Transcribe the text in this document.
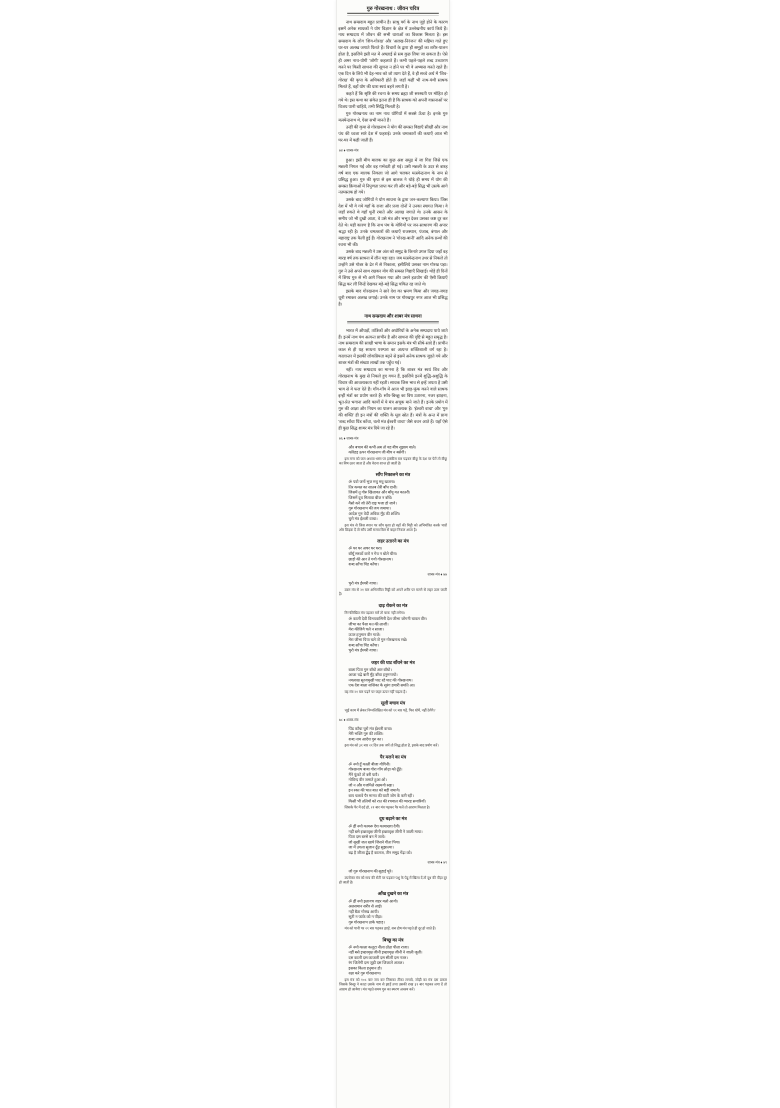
गुरु गोरखनाथ : जीवन चरित्र
नाथ सम्प्रदाय बहुत प्राचीन है। साधु वर्ग के नाथ जुड़े होने के कारण इसमें अनेक साधकों ने योग विज्ञान के क्षेत्र में उल्लेखनीय कार्य किये हैं। नाथ सम्प्रदाय में जीवन की सभी धाराओं का विकास मिलता है। इस सम्प्रदाय के लोग 'शिव-गोरख' और 'अलख-निरंजन' की महिमा गाते हुए घर-घर अलख जगाते फिरते हैं। विचारों के द्वारा ही समूहों का शरीर-पालन होता है, इसलिये इसी मत में अच्छाई से सब कुछ लिया जा सकता है। ऐसे ही अमर नाथ-योगी 'जोगी' कहलाते हैं। कभी पहले-पहले शब्द उच्चारण करने पर किसी साधना की सूचना न होने पर भी वे अभ्यास करते रहते हैं। एक दिन के लिये भी देह-भाव को जो त्याग देते हैं, वे ही सच्चे अर्थ में 'शिव-गोरख' की कृपा के अधिकारी होते हैं। जहाँ कहीं भी नाथ-पंथी साधक मिलते हैं, वहाँ योग की धारा स्वयं बहने लगती है।
कहते हैं कि सृष्टि की रचना के समय ब्रह्मा जी सरस्वती पर मोहित हो गये थे। इस कथा का संकेत इतना ही है कि साधक को अपनी वासनाओं पर विजय पानी चाहिये, तभी सिद्धि मिलती है।
गुरु गोरखनाथ का नाम नाथ योगियों में सबसे ऊँचा है। इनके गुरु मत्स्येन्द्रनाथ थे, ऐसा सभी मानते हैं।
उन्हीं की कृपा से गोरखनाथ ने योग की समस्त विद्याएँ सीखीं और नाथ पंथ की ध्वजा सारे देश में फहराई। उनके चमत्कारों की कथाएँ आज भी घर-घर में कही जाती हैं।
७४ ♦ शाबर-मंत्र
हुआ। इसी बीच बालक का कुछ अंश समुद्र में जा गिरा जिसे एक मछली निगल गई और वह गर्भवती हो गई। उसी मछली के उदर से बारह वर्ष बाद एक बालक निकला जो आगे चलकर मत्स्येन्द्रनाथ के नाम से प्रसिद्ध हुआ। गुरु की कृपा से इस बालक ने थोड़े ही समय में योग की समस्त क्रियाओं में निपुणता प्राप्त कर ली और बड़े-बड़े सिद्ध भी उसके आगे नतमस्तक हो गये।
उसके बाद जोगियों ने योग साधना के द्वारा जन-कल्याण किया। जिस देश में भी वे गये वहाँ के राजा और प्रजा दोनों ने उनका स्वागत किया। वे जहाँ रुकते थे वहाँ धूनी रमाते और अलख जगाते थे। उनके आसन के समीप जो भी दुखी आता, वे उसे मंत्र और भभूत देकर उसका कष्ट दूर कर देते थे। यही कारण है कि नाथ पंथ के योगियों पर जन-साधारण की अपार श्रद्धा रही है। उनके चमत्कारों की कथाएँ राजस्थान, पंजाब, बंगाल और महाराष्ट्र तक फैली हुई हैं। गोरखनाथ ने 'गोरख-बानी' आदि अनेक ग्रन्थों की रचना भी की।
उसके बाद मछली ने उस अंश को समुद्र के किनारे उगल दिया जहाँ वह बारह वर्ष तक साधना में लीन पड़ा रहा। जब मत्स्येन्द्रनाथ उधर से निकले तो उन्होंने उसे गोबर के ढेर में से निकाला, इसीलिये उसका नाम गोरख पड़ा। गुरु ने उसे अपने साथ रखकर योग की समस्त विद्याएँ सिखाईं। थोड़े ही दिनों में शिष्य गुरु से भी आगे निकल गया और उसने हठयोग की ऐसी क्रियाएँ सिद्ध कर लीं जिन्हें देखकर बड़े-बड़े सिद्ध चकित रह जाते थे।
इसके बाद गोरखनाथ ने सारे देश का भ्रमण किया और जगह-जगह धूनी रमाकर अलख जगाई। उनके नाम पर गोरखपुर नगर आज भी प्रसिद्ध है।
नाथ सम्प्रदाय और शाबर मंत्र साधना
भारत में औघड़ों, तांत्रिकों और अघोरियों के अनेक सम्प्रदाय पाये जाते हैं। इनमें नाथ पंथ अत्यन्त प्राचीन है और साधना की दृष्टि से बहुत समृद्ध है। नाथ सम्प्रदाय की साखी भाषा के समान इसके मंत्र भी सीधे-सादे हैं। प्राचीन काल से ही यह साधना परम्परा का अत्यन्त शक्तिशाली वर्ग रहा है। कालान्तर में इसकी लोकप्रियता बढ़ने से इसमें अनेक साधक जुड़ते गये और शाबर मंत्रों की संख्या लाखों तक पहुँच गई।
नहीं। नाथ सम्प्रदाय का मानना है कि शाबर मंत्र स्वयं शिव और गोरखनाथ के मुख से निकले हुए वचन हैं, इसलिये इनमें शुद्धि-अशुद्धि के विचार की आवश्यकता नहीं रहती। साधक जिस भाव से इन्हें जपता है उसी भाव से ये फल देते हैं। गाँव-गाँव में आज भी झाड़-फूंक करने वाले साधक इन्हीं मंत्रों का प्रयोग करते हैं। साँप-बिच्छू का विष उतारना, नजर झाड़ना, भूत-प्रेत भगाना आदि कार्यों में ये मंत्र अचूक माने जाते हैं। इनके प्रयोग में गुरु की आज्ञा और नियम का पालन आवश्यक है। 'ईश्वरी वाचा' और 'गुरु की शक्ति' ही इन मंत्रों की शक्ति के मूल स्रोत हैं। मंत्रों के अन्त में प्रायः 'शब्द साँचा पिंड काँचा, चलो मंत्र ईश्वरी वाचा' जैसे वचन आते हैं। यहाँ ऐसे ही कुछ सिद्ध शाबर मंत्र दिये जा रहे हैं।
७६ ♦ शाबर-मंत्र
और बचाव की कभी अब तो यह बीच सुझाव वाले।
करिहइ ऊपर गोरखनाथ जी बीच न बसेगी।
इस मन्त्र को जल अथवा भस्म पर इक्कीस बार पढ़कर बीछू के दंश पर फेरें तो बीछू का विष उतर जाता है और वेदना शान्त हो जाती है।
साँप निकालने का मंत्र
ॐ पवो जनों भुज मधु मधु खजना।
तिर कमल का सातब तेरी बाँध दानी।
जिसमें तू गोरु खिलावत और बाँधू मत कातरी।
जिसमें दूध मिलावा बीज न बाँधे।
वैसो करे जो तेरी दाइ भजा हो जावे।
गुरु गोरखनाथ की जय जमाया।
आदेश गुरु वेदी अधिक मुँह की शक्ति।
चुरो मंत्र ईश्वरी वाचा।
इस मंत्र से जिस स्थान पर साँप घुसा हो वहाँ की मिट्टी को अभिमंत्रित करके चारों ओर छिड़क दें तो साँप उसी समय बिल से बाहर निकल आता है।
लहर उतारने का मंत्र
ॐ घर घर अचर घर घरा।
बाँधूँ सरकों करो न गेच न बोले चीरा।
छाड़ो की आर ते गयो गोरखनाथ।
शब्द साँचा पिंड काँचा।
शाबर-मंत्र ♦ ७७
चुरो मंत्र ईश्वरी वाचा।
उक्त मंत्र से २१ बार अभिमंत्रित मिट्टी को अपने शरीर पर मलने से लहर उतर जाती है।
दाढ़ रोकने का मंत्र
निम्नलिखित मंत्र पढ़कर मारें तो चाक नहीं लगेगा।
ॐ काली देवी विन्ध्यवासिनी देश जीभा जोगनी चावल वीर।
जीभा का पैसा मत की लाजी।
मेरा कीजिये चले न साजा।
ऊपर हनुमान वीर गाजे।
मेरा जीभा पिया चले तो गुरु गोरखनाथ रखे।
शब्द साँचा पिंड काँचा।
चुरो मंत्र ईश्वरी वाचा।
जहर की घाट बाँधने का मंत्र
बाला पिता गुरु बाँधो आर बाँधो।
आजा चढ़े बारी मुँह बाँधा हनुमन्तयो।
नवलाख सूरजमुखी घाट रहे घाट की गोरखनाथ।
एक देश बाला नासिका के सुरंग हमारी समति आ।
यह मंत्र २१ बार पढ़ने पर जहर ऊपर नहीं चढ़ता है।
सूली बचाव मंत्र
'सूई काम में लेकर निम्नलिखित मंत्र को ११ बार पढ़ें, फिर धोयें, नहीं ठेगेंगे।'
७८ ♦ शाबर-मंत्र
पिंड काँचा चुरो मंत्र ईश्वरी वाचा।
मेरी भक्ति गुरु की शक्ति।
शब्द नाम आदेश गुरु का।
इस मंत्र को ३१ बार २१ दिन तक जपें तो सिद्ध होता है, इसके बाद प्रयोग करें।
पैर मलने का मंत्र
ॐ नमो हूँ काली बीजा योगिनी।
गोरखनाथ बाबा गोरा गाँव लोढ़ा को ढूँढ़े।
मैंने फूंको तो बरी पावै।
गोविन्द वीर जमाते हुआ ओ।
जो न और गजमिले रखमयो रखा।
इन रक्त की भात बात को बड़ी जमाये।
बाप चलावे पैर मानव की घाटी जोग के करी रही।
किसी भी तलियों को रात की रचवाल की ग्यारह समारियाँ।
जिसके पैर में दर्द हो, २१ बार मंत्र पढ़कर पैर मलें तो आराम मिलता है।
दूध बढ़ाने का मंत्र
ॐ ह्रीं नमो कामरू देश कामाख्या देवी।
नहीं बसे इच्छावृक्ष जीनी इच्छावृक्ष जीनी ने जाली माया।
पिता दस बरसे बन में जाये।
जो सूखी जल खाये जिसने गीता पिया।
जा में उगला सूजान ढूँढ़ सुझाल्या।
बढ़ है जीजा ढूँढ़ है कालज, तीन समुद्र गेंढ़ा को।
शाबर-मंत्र ♦ ७९
जो गुरु गोरखनाथ की सुहाई घूरे।
उपरोक्त मंत्र को गाय की रोटी पर पढ़कर पशु के पेडू में खिला दें तो दूध की पीड़ा दूर हो जाती है।
आँख दुखने का मंत्र
ॐ ह्रीं नमो इलायच जहर मलो आयो।
अलसमान सरीर से आई।
नहीं बैठा गोरख आयी।
सूती न फांके को न पीड़ा।
गुरु गोरखनाथ ठाके पहाड़।
मंत्र को पानी पर २१ बार पढ़कर झाड़ें, सब दोष मंत्र पढ़ते ही दूर हो जाते हैं।
बिच्छू का मंत्र
ॐ नमो काला कलूटा नीला ठोठा पीला राजा।
नहीं बसे इच्छावृक्ष जीनी इच्छावृक्ष जीनी ने जाली जूली।
दस काली दस काजली दस सीली दस नजर।
रंग जिलेगी दस जुड़ी दस जिजाले अजल।
इसका किला हनुमान हो।
रक्षा करे गुरु गोरखनाथ।
इस मंत्र को १०८ बार जप कर जिसका टीका लगाये, जोड़ी का मंत्र दस प्रकार जिसके बिच्छू ने काटा उसके नाम से झाड़ें तथा उसकी राख ३१ बार पढ़कर लगा दें तो आराम हो जायेगा। मंत्र पढ़ते समय गुरु का स्मरण अवश्य करें।
